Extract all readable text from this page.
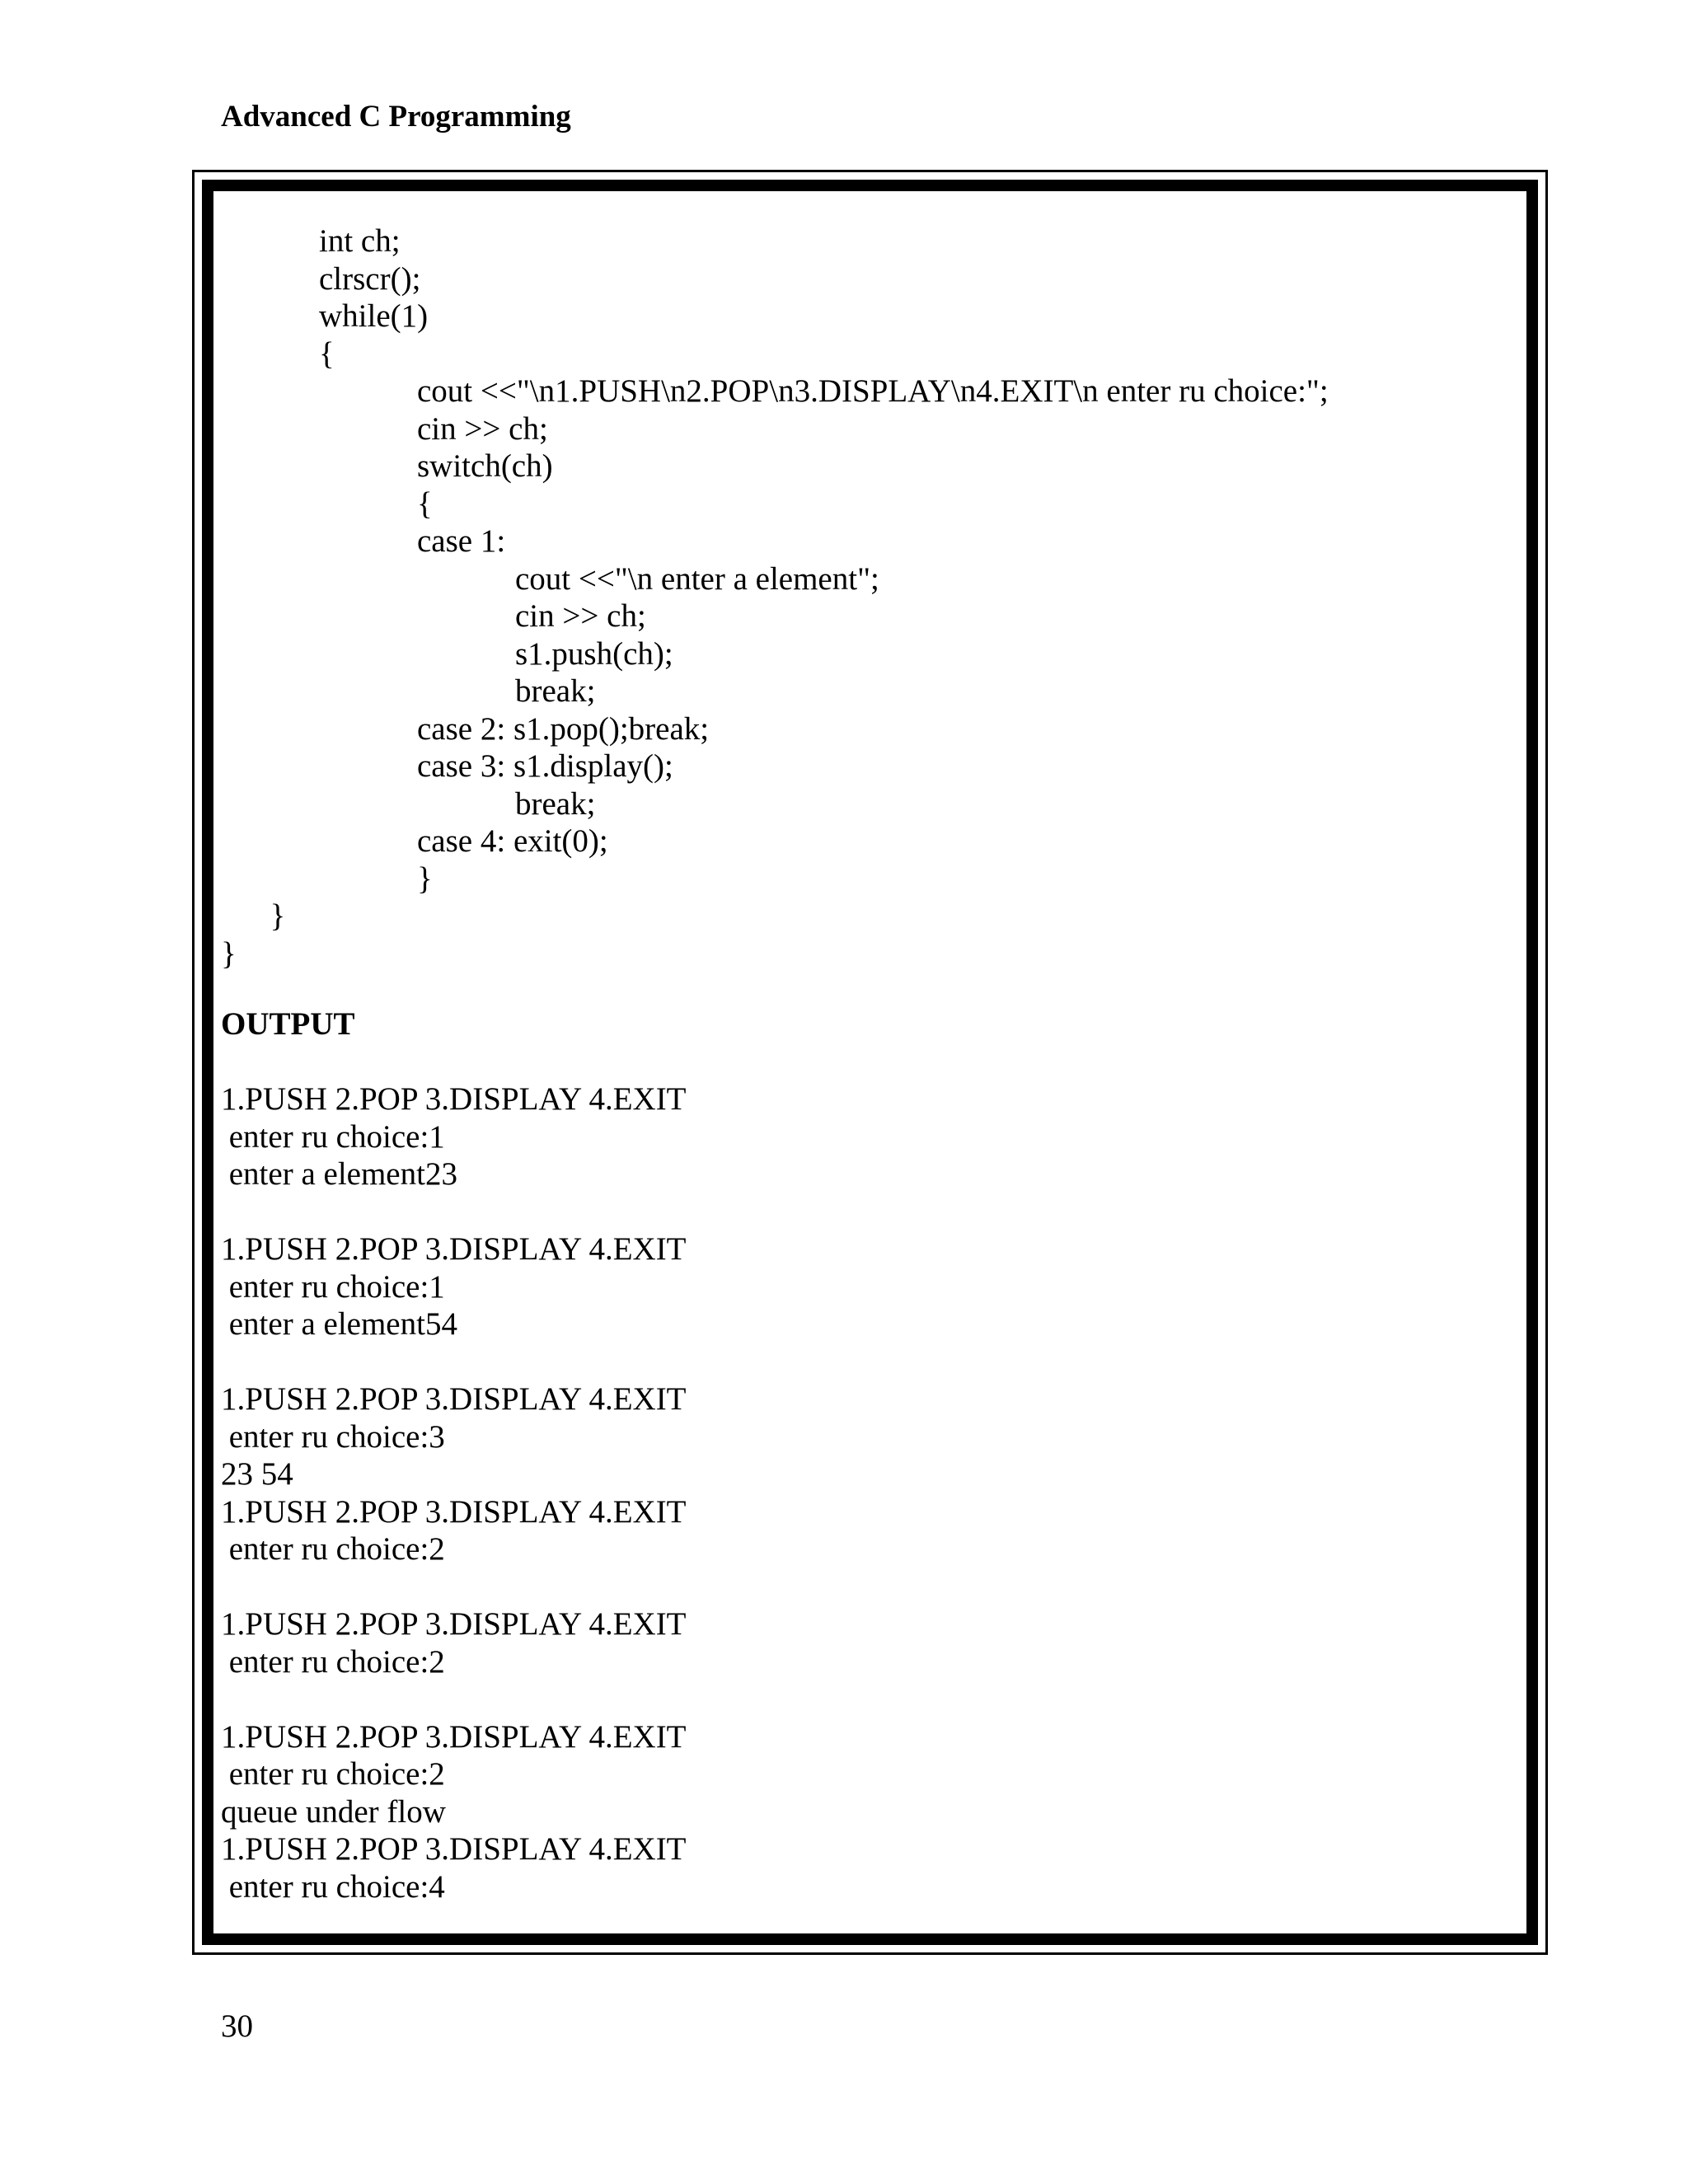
Advanced C Programming
int ch;
clrscr();
while(1)
{
cout <<"\n1.PUSH\n2.POP\n3.DISPLAY\n4.EXIT\n enter ru choice:";
cin >> ch;
switch(ch)
{
case 1:
cout <<"\n enter a element";
cin >> ch;
s1.push(ch);
break;
case 2: s1.pop();break;
case 3: s1.display();
break;
case 4: exit(0);
}
}
}
OUTPUT
1.PUSH 2.POP 3.DISPLAY 4.EXIT
enter ru choice:1
enter a element23
1.PUSH 2.POP 3.DISPLAY 4.EXIT
enter ru choice:1
enter a element54
1.PUSH 2.POP 3.DISPLAY 4.EXIT
enter ru choice:3
23 54
1.PUSH 2.POP 3.DISPLAY 4.EXIT
enter ru choice:2
1.PUSH 2.POP 3.DISPLAY 4.EXIT
enter ru choice:2
1.PUSH 2.POP 3.DISPLAY 4.EXIT
enter ru choice:2
queue under flow
1.PUSH 2.POP 3.DISPLAY 4.EXIT
enter ru choice:4
30
